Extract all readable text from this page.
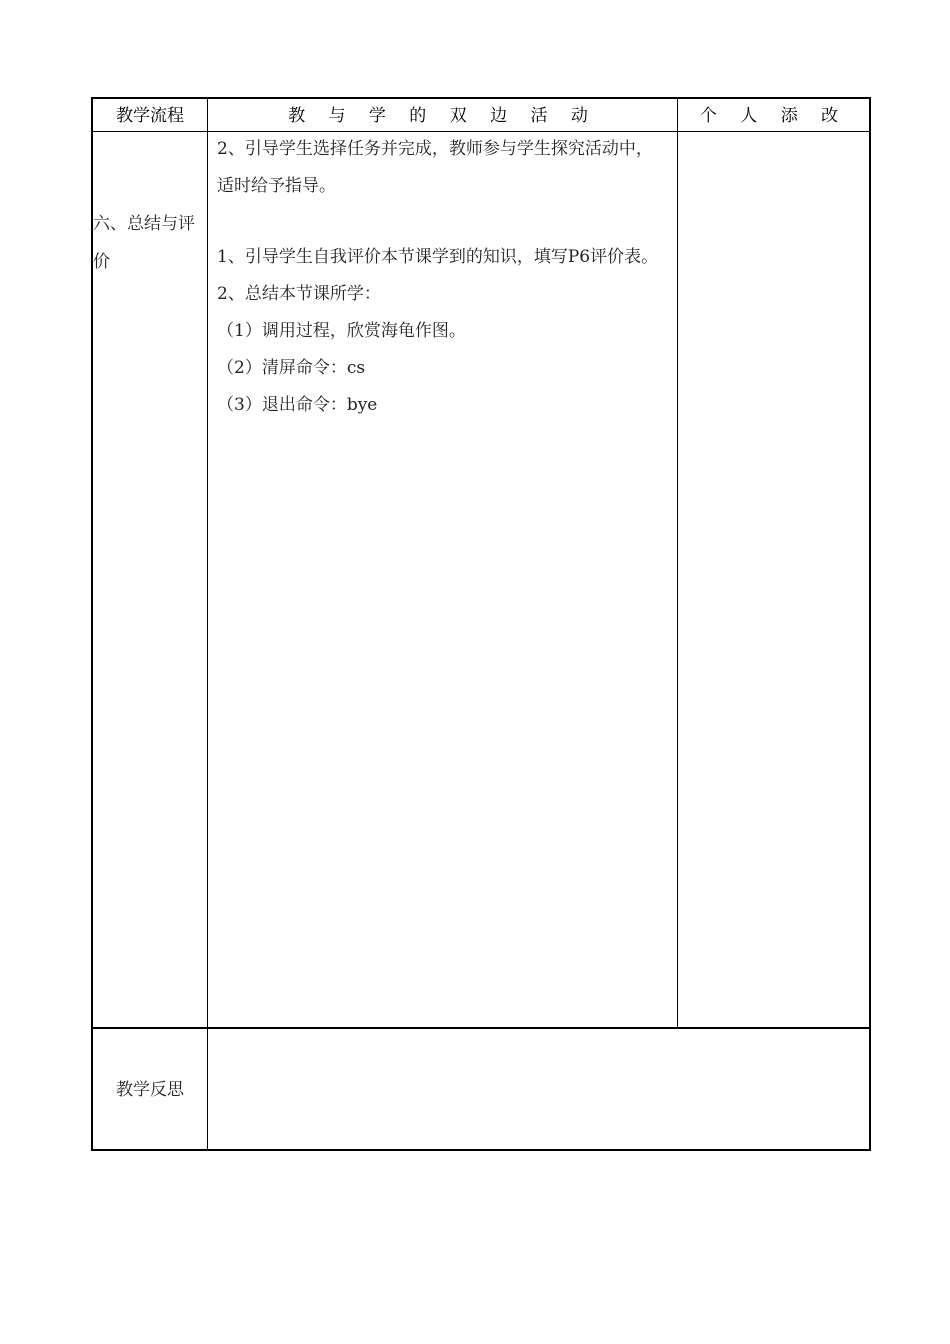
教学流程	教 与 学 的 双 边 活 动	个 人 添 改
六、总结与评
价

2、引导学生选择任务并完成，教师参与学生探究活动中，适时给予指导。

1、引导学生自我评价本节课学到的知识，填写P6评价表。

2、总结本节课所学：

（1）调用过程，欣赏海龟作图。

（2）清屏命令：cs

（3）退出命令：bye

教学反思
